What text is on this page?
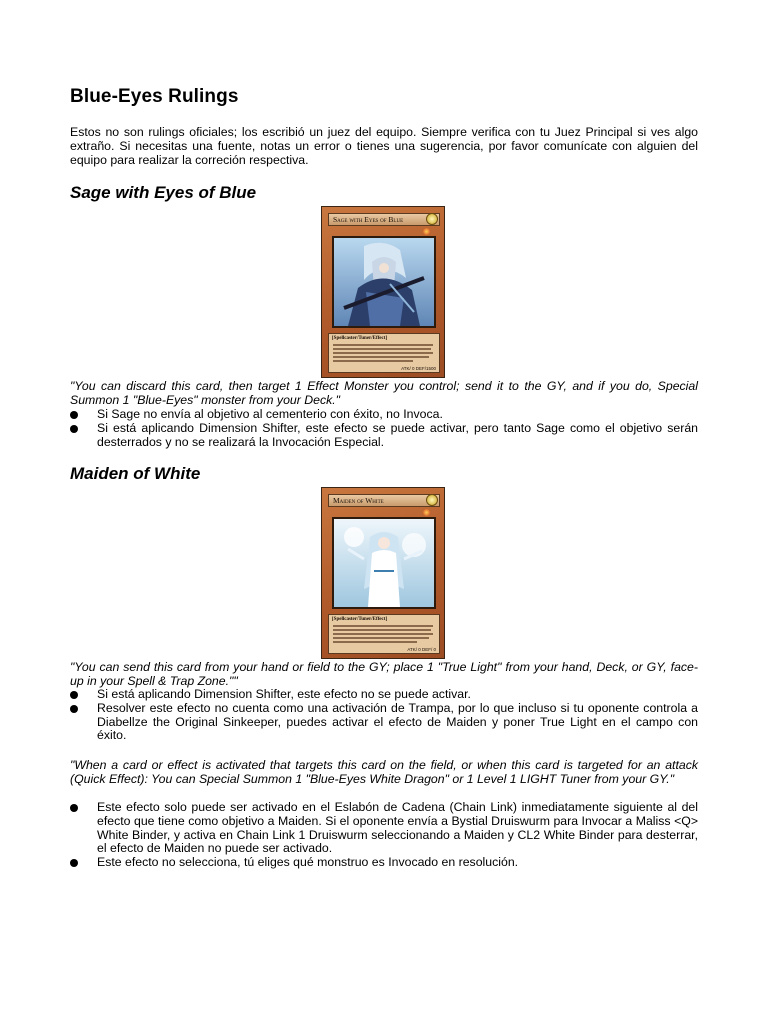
Blue-Eyes Rulings

Estos no son rulings oficiales; los escribió un juez del equipo. Siempre verifica con tu Juez Principal si ves algo extraño. Si necesitas una fuente, notas un error o tienes una sugerencia, por favor comunícate con alguien del equipo para realizar la correción respectiva.

Sage with Eyes of Blue
Sage with Eyes of Blue
[Spellcaster/Tuner/Effect]
ATK/ 0 DEF/1500

"You can discard this card, then target 1 Effect Monster you control; send it to the GY, and if you do, Special Summon 1 "Blue-Eyes" monster from your Deck."

Si Sage no envía al objetivo al cementerio con éxito, no Invoca.
Si está aplicando Dimension Shifter, este efecto se puede activar, pero tanto Sage como el objetivo serán desterrados y no se realizará la Invocación Especial.
Maiden of White
Maiden of White
[Spellcaster/Tuner/Effect]
ATK/ 0 DEF/ 0

"You can send this card from your hand or field to the GY; place 1 "True Light" from your hand, Deck, or GY, face-up in your Spell & Trap Zone.""

Si está aplicando Dimension Shifter, este efecto no se puede activar.
Resolver este efecto no cuenta como una activación de Trampa, por lo que incluso si tu oponente controla a Diabellze the Original Sinkeeper, puedes activar el efecto de Maiden y poner True Light en el campo con éxito.

"When a card or effect is activated that targets this card on the field, or when this card is targeted for an attack (Quick Effect): You can Special Summon 1 "Blue-Eyes White Dragon" or 1 Level 1 LIGHT Tuner from your GY."

Este efecto solo puede ser activado en el Eslabón de Cadena (Chain Link) inmediatamente siguiente al del efecto que tiene como objetivo a Maiden. Si el oponente envía a Bystial Druiswurm para Invocar a Maliss <Q> White Binder, y activa en Chain Link 1 Druiswurm seleccionando a Maiden y CL2 White Binder para desterrar, el efecto de Maiden no puede ser activado.
Este efecto no selecciona, tú eliges qué monstruo es Invocado en resolución.
